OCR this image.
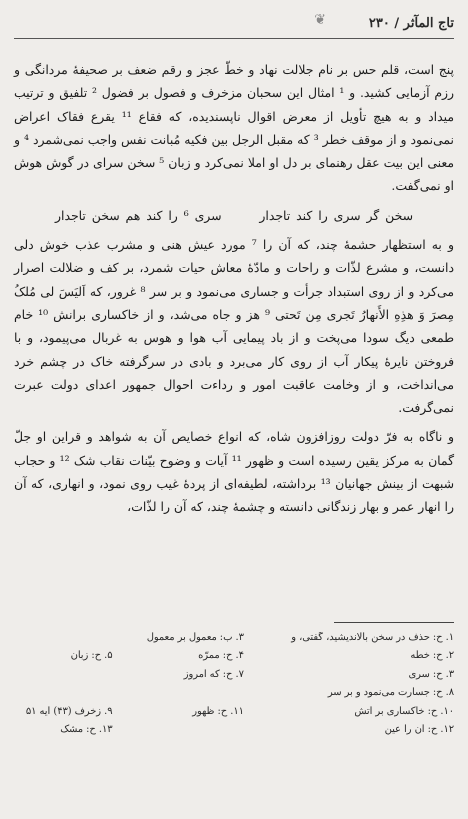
❦	تاج المآثر / ۲۳۰

پنج است، قلم حس بر نام جلالت نهاد و خطّ عجز و رقم ضعف بر صحیفهٔ مردانگی و رزم آزمایی کشید. و ¹ امثال این سحبان مزخرف و فصول بر فضول ² تلفیق و ترتیب میداد و به هیچ تأویل از معرض اقوال ناپسندیده، که فقاع ¹¹ یقرع فقاک اعراض نمی‌نمود و از موقف خطر ³ که مقبل الرجل بین فکیه مُبانت نفس واجب نمی‌شمرد ⁴ و معنی این بیت عقل رهنمای بر دل او املا نمی‌کرد و زبان ⁵ سخن سرای در گوش هوش او نمی‌گفت.

سخن گر سری را کند تاجدار  سری ⁶ را کند هم سخن تاجدار

و به استظهار حشمهٔ چند، که آن را ⁷ مورد عیش هنی و مشرب عذب خوش دلی دانست، و مشرع لذّات و راحات و مادّهٔ معاش حیات شمرد، بر کف و ضلالت اصرار می‌کرد و از روی استبداد جرأت و جساری می‌نمود و بر سر ⁸ غرور، که اَلیَسَ لی مُلکُ مِصرَ وَ هذِهِ الأَنهارُ تَجری مِن تَحتی ⁹ هز و جاه می‌شد، و از خاکساری برانش ¹⁰ خام طمعی دیگ سودا می‌پخت و از باد پیمایی آب هوا و هوس به غربال می‌پیمود، و با فروختن نایرهٔ پیکار آب از روی کار می‌برد و بادی در سرگرفته خاک در چشم خرد می‌انداخت، و از وخامت عاقبت امور و رداءت احوال جمهور اعدای دولت عبرت نمی‌گرفت.

و ناگاه به فرّ دولت روزافزون شاه، که انواع خصایص آن به شواهد و قراین او جلّ گمان به مرکز یقین رسیده است و ظهور ¹¹ آیات و وضوح بیّنات نقاب شک ¹² و حجاب شبهت از بینش جهانیان ¹³ برداشته، لطیفه‌ای از پردهٔ غیب روی نمود، و انهاری، که آن را انهار عمر و بهار زندگانی دانسته و چشمهٔ چند، که آن را لذّات،

۱. ح: حذف در سخن بالاندیشید، گفتی، و
۳. ب: معمول بر معمول
۲. ح: خطه
۴. ح: ممرّه
۵. ح: زبان
۳. ح: سری
۷. ح: که امروز
۸. ح: جسارت می‌نمود و بر سر
۱۰. ح: خاکساری بر آتش
۱۱. ح: ظهور
۹. زخرف (۴۳) آیه ۵۱
۱۲. ح: آن را عین
۱۳. ح: مشک
